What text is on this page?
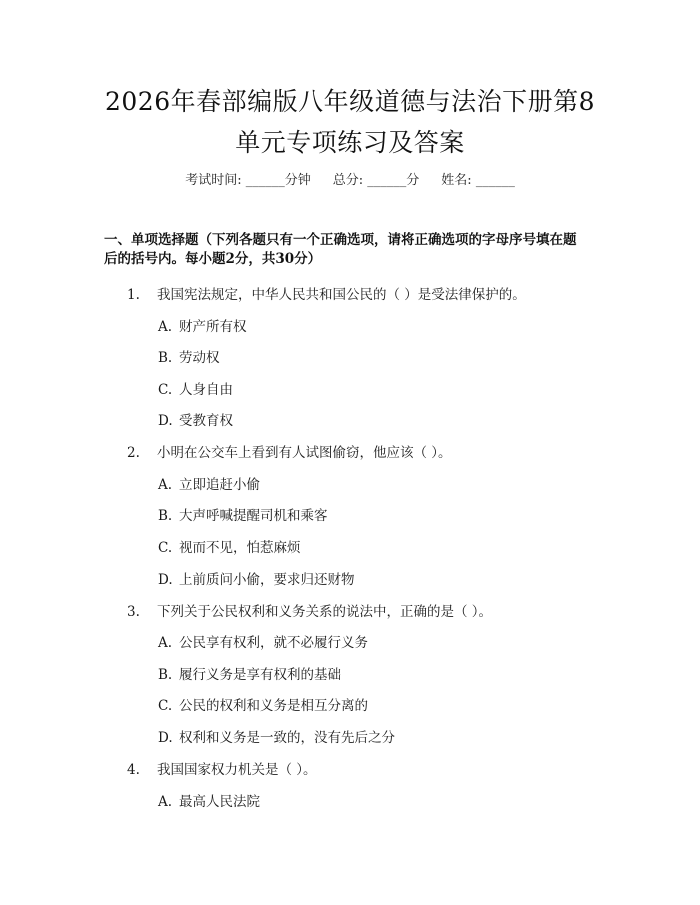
2026年春部编版八年级道德与法治下册第8
单元专项练习及答案
考试时间: ______分钟 总分: ______分 姓名: ______
一、单项选择题（下列各题只有一个正确选项，请将正确选项的字母序号填在题
后的括号内。每小题2分，共30分）
1. 我国宪法规定，中华人民共和国公民的（ ）是受法律保护的。
A. 财产所有权
B. 劳动权
C. 人身自由
D. 受教育权
2. 小明在公交车上看到有人试图偷窃，他应该（ ）。
A. 立即追赶小偷
B. 大声呼喊提醒司机和乘客
C. 视而不见，怕惹麻烦
D. 上前质问小偷，要求归还财物
3. 下列关于公民权利和义务关系的说法中，正确的是（ ）。
A. 公民享有权利，就不必履行义务
B. 履行义务是享有权利的基础
C. 公民的权利和义务是相互分离的
D. 权利和义务是一致的，没有先后之分
4. 我国国家权力机关是（ ）。
A. 最高人民法院
